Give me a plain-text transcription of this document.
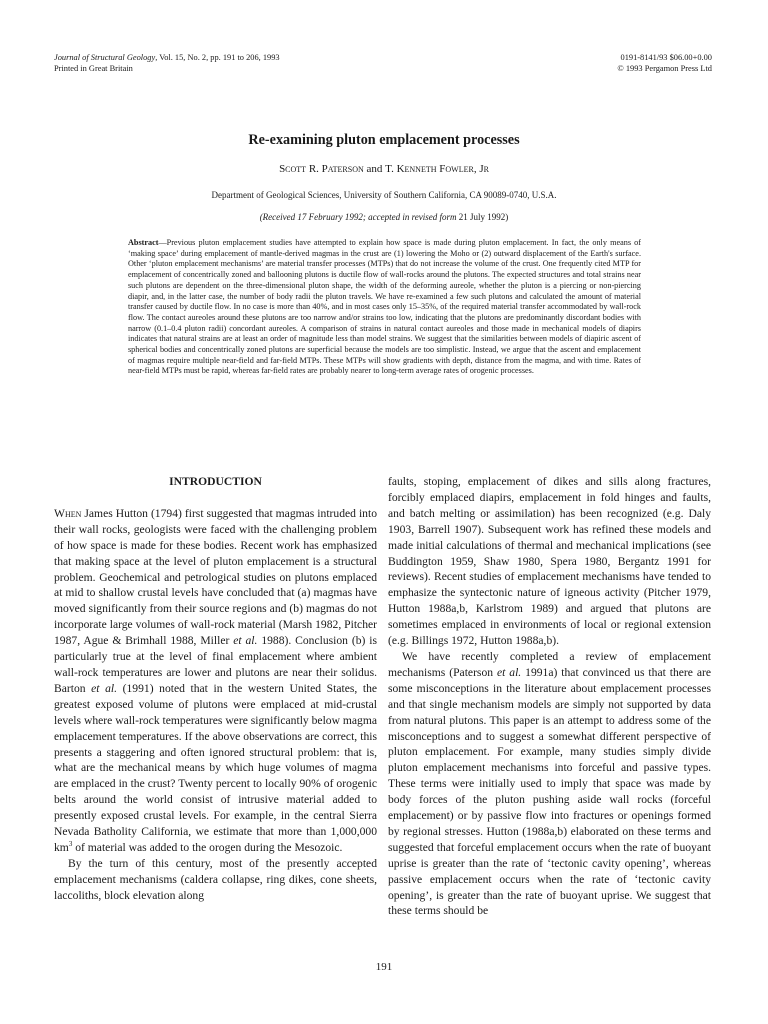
Journal of Structural Geology, Vol. 15, No. 2, pp. 191 to 206, 1993
Printed in Great Britain
0191-8141/93 $06.00+0.00
© 1993 Pergamon Press Ltd
Re-examining pluton emplacement processes
Scott R. Paterson and T. Kenneth Fowler, Jr
Department of Geological Sciences, University of Southern California, CA 90089-0740, U.S.A.
(Received 17 February 1992; accepted in revised form 21 July 1992)
Abstract—Previous pluton emplacement studies have attempted to explain how space is made during pluton emplacement. In fact, the only means of ‘making space’ during emplacement of mantle-derived magmas in the crust are (1) lowering the Moho or (2) outward displacement of the Earth's surface. Other ‘pluton emplacement mechanisms’ are material transfer processes (MTPs) that do not increase the volume of the crust. One frequently cited MTP for emplacement of concentrically zoned and ballooning plutons is ductile flow of wall-rocks around the plutons. The expected structures and total strains near such plutons are dependent on the three-dimensional pluton shape, the width of the deforming aureole, whether the pluton is a piercing or non-piercing diapir, and, in the latter case, the number of body radii the pluton travels. We have re-examined a few such plutons and calculated the amount of material transfer caused by ductile flow. In no case is more than 40%, and in most cases only 15–35%, of the required material transfer accommodated by wall-rock flow. The contact aureoles around these plutons are too narrow and/or strains too low, indicating that the plutons are predominantly discordant bodies with narrow (0.1–0.4 pluton radii) concordant aureoles. A comparison of strains in natural contact aureoles and those made in mechanical models of diapirs indicates that natural strains are at least an order of magnitude less than model strains. We suggest that the similarities between models of diapiric ascent of spherical bodies and concentrically zoned plutons are superficial because the models are too simplistic. Instead, we argue that the ascent and emplacement of magmas require multiple near-field and far-field MTPs. These MTPs will show gradients with depth, distance from the magma, and with time. Rates of near-field MTPs must be rapid, whereas far-field rates are probably nearer to long-term average rates of orogenic processes.
INTRODUCTION

When James Hutton (1794) first suggested that magmas intruded into their wall rocks, geologists were faced with the challenging problem of how space is made for these bodies. Recent work has emphasized that making space at the level of pluton emplacement is a structural problem. Geochemical and petrological studies on plutons emplaced at mid to shallow crustal levels have concluded that (a) magmas have moved significantly from their source regions and (b) magmas do not incorporate large volumes of wall-rock material (Marsh 1982, Pitcher 1987, Ague & Brimhall 1988, Miller et al. 1988). Conclusion (b) is particularly true at the level of final emplacement where ambient wall-rock temperatures are lower and plutons are near their solidus. Barton et al. (1991) noted that in the western United States, the greatest exposed volume of plutons were emplaced at mid-crustal levels where wall-rock temperatures were significantly below magma emplacement temperatures. If the above observations are correct, this presents a staggering and often ignored structural problem: that is, what are the mechanical means by which huge volumes of magma are emplaced in the crust? Twenty percent to locally 90% of orogenic belts around the world consist of intrusive material added to presently exposed crustal levels. For example, in the central Sierra Nevada Batholity California, we estimate that more than 1,000,000 $km^3$ of material was added to the orogen during the Mesozoic.

By the turn of this century, most of the presently accepted emplacement mechanisms (caldera collapse, ring dikes, cone sheets, laccoliths, block elevation along

faults, stoping, emplacement of dikes and sills along fractures, forcibly emplaced diapirs, emplacement in fold hinges and faults, and batch melting or assimilation) has been recognized (e.g. Daly 1903, Barrell 1907). Subsequent work has refined these models and made initial calculations of thermal and mechanical implications (see Buddington 1959, Shaw 1980, Spera 1980, Bergantz 1991 for reviews). Recent studies of emplacement mechanisms have tended to emphasize the syntectonic nature of igneous activity (Pitcher 1979, Hutton 1988a,b, Karlstrom 1989) and argued that plutons are sometimes emplaced in environments of local or regional extension (e.g. Billings 1972, Hutton 1988a,b).

We have recently completed a review of emplacement mechanisms (Paterson et al. 1991a) that convinced us that there are some misconceptions in the literature about emplacement processes and that single mechanism models are simply not supported by data from natural plutons. This paper is an attempt to address some of the misconceptions and to suggest a somewhat different perspective of pluton emplacement. For example, many studies simply divide pluton emplacement mechanisms into forceful and passive types. These terms were initially used to imply that space was made by body forces of the pluton pushing aside wall rocks (forceful emplacement) or by passive flow into fractures or openings formed by regional stresses. Hutton (1988a,b) elaborated on these terms and suggested that forceful emplacement occurs when the rate of buoyant uprise is greater than the rate of ‘tectonic cavity opening’, whereas passive emplacement occurs when the rate of ‘tectonic cavity opening’, is greater than the rate of buoyant uprise. We suggest that these terms should be

191
